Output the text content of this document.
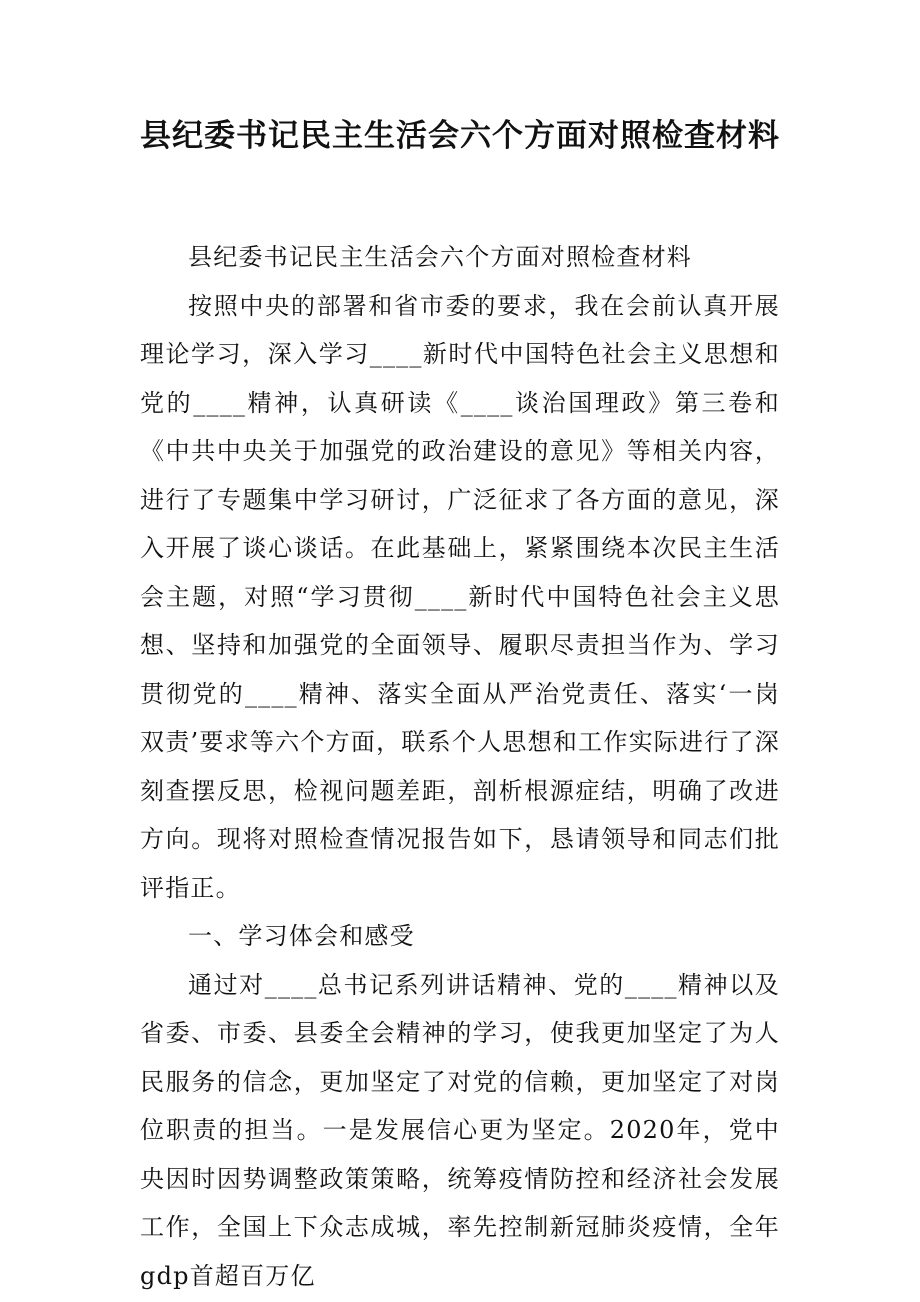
县纪委书记民主生活会六个方面对照检查材料

县纪委书记民主生活会六个方面对照检查材料

按照中央的部署和省市委的要求，我在会前认真开展理论学习，深入学习____新时代中国特色社会主义思想和党的____精神，认真研读《____谈治国理政》第三卷和《中共中央关于加强党的政治建设的意见》等相关内容，进行了专题集中学习研讨，广泛征求了各方面的意见，深入开展了谈心谈话。在此基础上，紧紧围绕本次民主生活会主题，对照“学习贯彻____新时代中国特色社会主义思想、坚持和加强党的全面领导、履职尽责担当作为、学习贯彻党的____精神、落实全面从严治党责任、落实‘一岗双责’要求等六个方面，联系个人思想和工作实际进行了深刻查摆反思，检视问题差距，剖析根源症结，明确了改进方向。现将对照检查情况报告如下，恳请领导和同志们批评指正。

一、学习体会和感受

通过对____总书记系列讲话精神、党的____精神以及省委、市委、县委全会精神的学习，使我更加坚定了为人民服务的信念，更加坚定了对党的信赖，更加坚定了对岗位职责的担当。一是发展信心更为坚定。2020年，党中央因时因势调整政策策略，统筹疫情防控和经济社会发展工作，全国上下众志成城，率先控制新冠肺炎疫情，全年gdp首超百万亿
